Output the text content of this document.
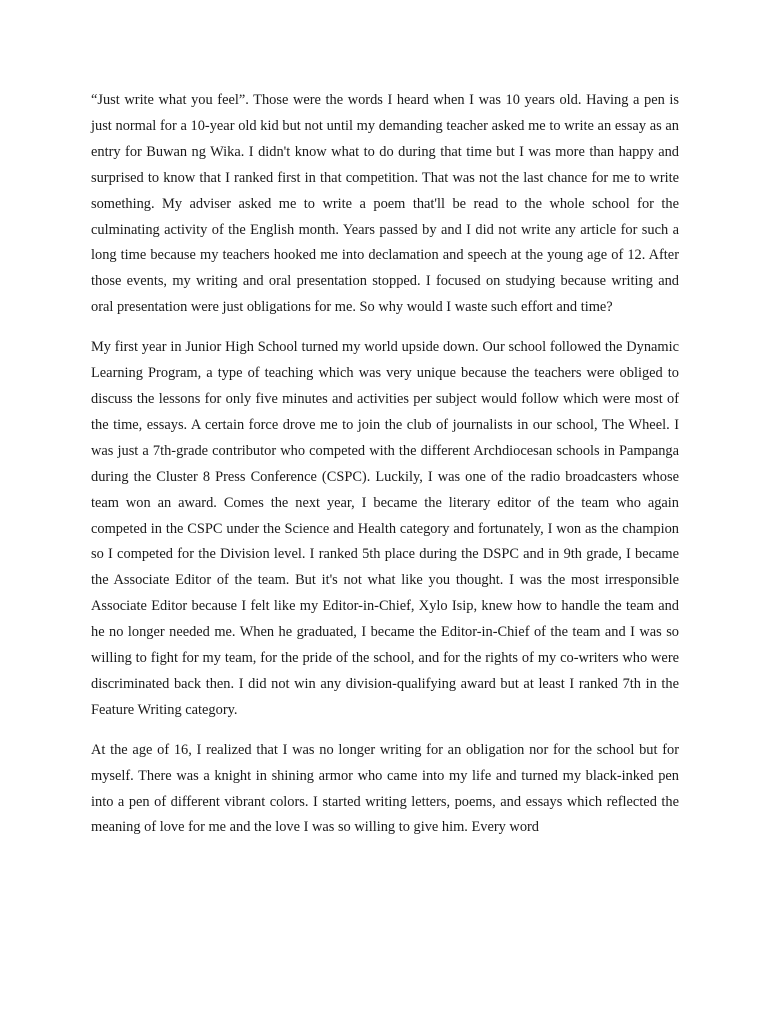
“Just write what you feel”. Those were the words I heard when I was 10 years old. Having a pen is just normal for a 10-year old kid but not until my demanding teacher asked me to write an essay as an entry for Buwan ng Wika. I didn't know what to do during that time but I was more than happy and surprised to know that I ranked first in that competition. That was not the last chance for me to write something. My adviser asked me to write a poem that'll be read to the whole school for the culminating activity of the English month. Years passed by and I did not write any article for such a long time because my teachers hooked me into declamation and speech at the young age of 12. After those events, my writing and oral presentation stopped. I focused on studying because writing and oral presentation were just obligations for me. So why would I waste such effort and time?

My first year in Junior High School turned my world upside down. Our school followed the Dynamic Learning Program, a type of teaching which was very unique because the teachers were obliged to discuss the lessons for only five minutes and activities per subject would follow which were most of the time, essays. A certain force drove me to join the club of journalists in our school, The Wheel. I was just a 7th-grade contributor who competed with the different Archdiocesan schools in Pampanga during the Cluster 8 Press Conference (CSPC). Luckily, I was one of the radio broadcasters whose team won an award. Comes the next year, I became the literary editor of the team who again competed in the CSPC under the Science and Health category and fortunately, I won as the champion so I competed for the Division level. I ranked 5th place during the DSPC and in 9th grade, I became the Associate Editor of the team. But it's not what like you thought. I was the most irresponsible Associate Editor because I felt like my Editor-in-Chief, Xylo Isip, knew how to handle the team and he no longer needed me. When he graduated, I became the Editor-in-Chief of the team and I was so willing to fight for my team, for the pride of the school, and for the rights of my co-writers who were discriminated back then. I did not win any division-qualifying award but at least I ranked 7th in the Feature Writing category.

At the age of 16, I realized that I was no longer writing for an obligation nor for the school but for myself. There was a knight in shining armor who came into my life and turned my black-inked pen into a pen of different vibrant colors. I started writing letters, poems, and essays which reflected the meaning of love for me and the love I was so willing to give him. Every word
